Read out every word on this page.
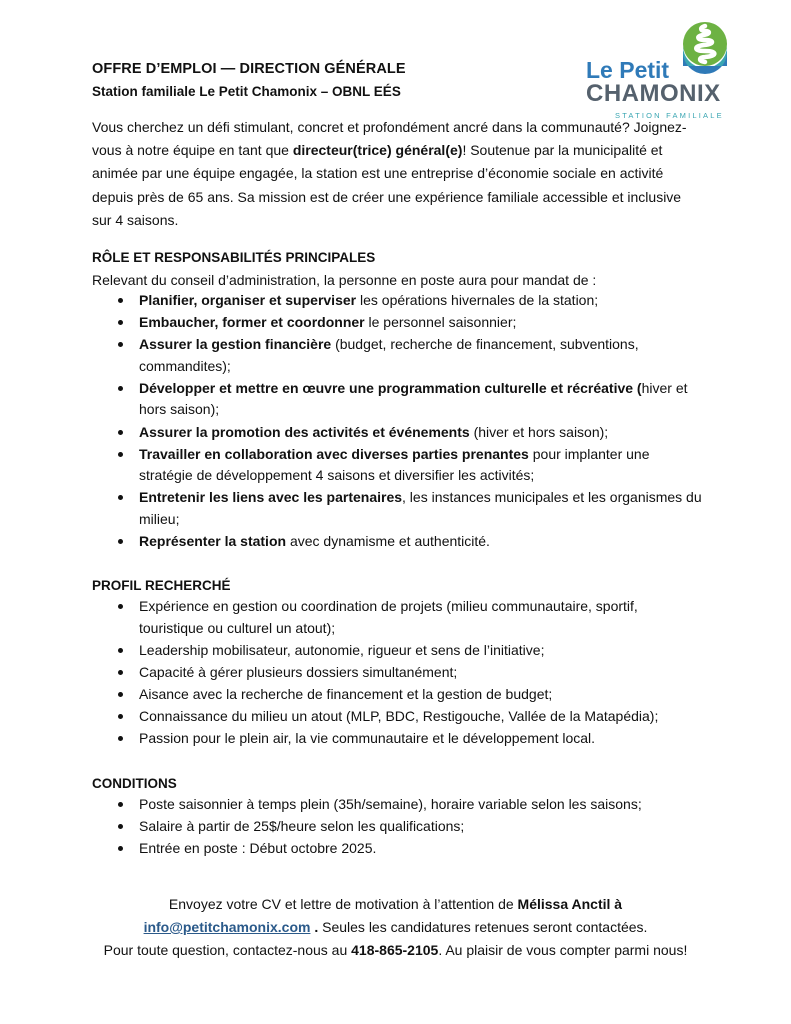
Le Petit
CHAMONIX
STATION FAMILIALE
OFFRE D’EMPLOI — DIRECTION GÉNÉRALE
Station familiale Le Petit Chamonix – OBNL EÉS

Vous cherchez un défi stimulant, concret et profondément ancré dans la communauté? Joignez-vous à notre équipe en tant que directeur(trice) général(e)! Soutenue par la municipalité et animée par une équipe engagée, la station est une entreprise d’économie sociale en activité depuis près de 65 ans. Sa mission est de créer une expérience familiale accessible et inclusive sur 4 saisons.

RÔLE ET RESPONSABILITÉS PRINCIPALES

Relevant du conseil d’administration, la personne en poste aura pour mandat de :

Planifier, organiser et superviser les opérations hivernales de la station;
Embaucher, former et coordonner le personnel saisonnier;
Assurer la gestion financière (budget, recherche de financement, subventions, commandites);
Développer et mettre en œuvre une programmation culturelle et récréative (hiver et hors saison);
Assurer la promotion des activités et événements (hiver et hors saison);
Travailler en collaboration avec diverses parties prenantes pour implanter une stratégie de développement 4 saisons et diversifier les activités;
Entretenir les liens avec les partenaires, les instances municipales et les organismes du milieu;
Représenter la station avec dynamisme et authenticité.
PROFIL RECHERCHÉ
Expérience en gestion ou coordination de projets (milieu communautaire, sportif, touristique ou culturel un atout);
Leadership mobilisateur, autonomie, rigueur et sens de l’initiative;
Capacité à gérer plusieurs dossiers simultanément;
Aisance avec la recherche de financement et la gestion de budget;
Connaissance du milieu un atout (MLP, BDC, Restigouche, Vallée de la Matapédia);
Passion pour le plein air, la vie communautaire et le développement local.
CONDITIONS
Poste saisonnier à temps plein (35h/semaine), horaire variable selon les saisons;
Salaire à partir de 25$/heure selon les qualifications;
Entrée en poste : Début octobre 2025.
Envoyez votre CV et lettre de motivation à l’attention de Mélissa Anctil à
info@petitchamonix.com . Seules les candidatures retenues seront contactées.
Pour toute question, contactez-nous au 418-865-2105. Au plaisir de vous compter parmi nous!
